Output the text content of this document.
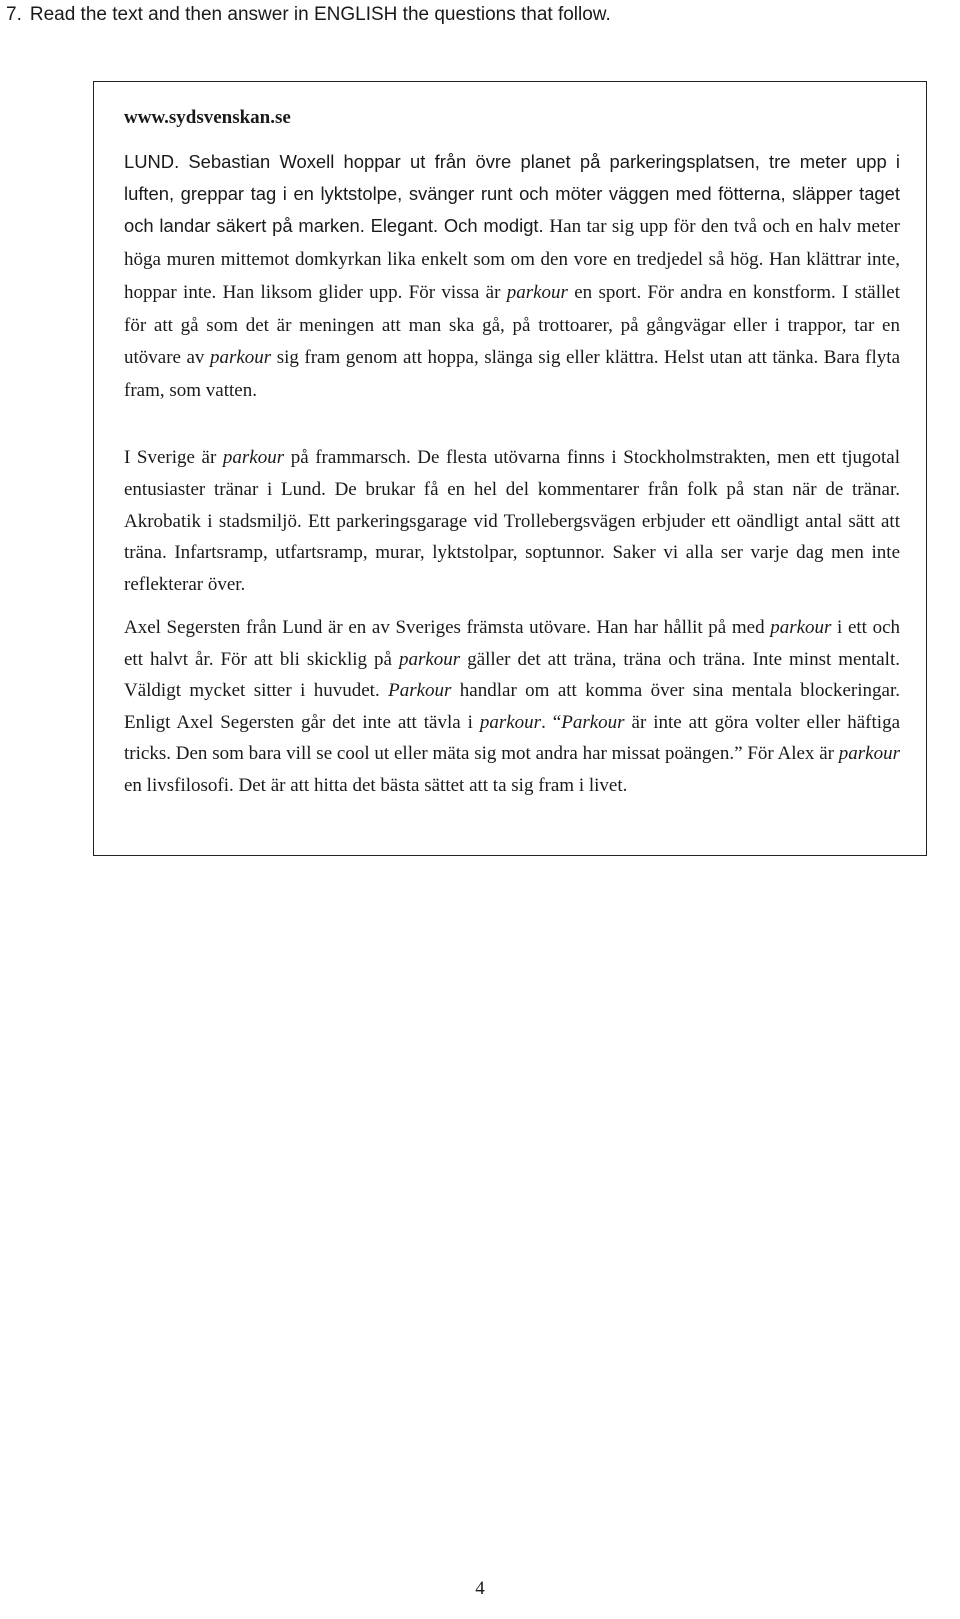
7. Read the text and then answer in ENGLISH the questions that follow.
www.sydsvenskan.se

LUND. Sebastian Woxell hoppar ut från övre planet på parkeringsplatsen, tre meter upp i luften, greppar tag i en lyktstolpe, svänger runt och möter väggen med fötterna, släpper taget och landar säkert på marken. Elegant. Och modigt. Han tar sig upp för den två och en halv meter höga muren mittemot domkyrkan lika enkelt som om den vore en tredjedel så hög. Han klättrar inte, hoppar inte. Han liksom glider upp. För vissa är parkour en sport. För andra en konstform. I stället för att gå som det är meningen att man ska gå, på trottoarer, på gångvägar eller i trappor, tar en utövare av parkour sig fram genom att hoppa, slänga sig eller klättra. Helst utan att tänka. Bara flyta fram, som vatten.

I Sverige är parkour på frammarsch. De flesta utövarna finns i Stockholmstrakten, men ett tjugotal entusiaster tränar i Lund. De brukar få en hel del kommentarer från folk på stan när de tränar. Akrobatik i stadsmiljö. Ett parkeringsgarage vid Trollebergsvägen erbjuder ett oändligt antal sätt att träna. Infartsramp, utfartsramp, murar, lyktstolpar, soptunnor. Saker vi alla ser varje dag men inte reflekterar över.

Axel Segersten från Lund är en av Sveriges främsta utövare. Han har hållit på med parkour i ett och ett halvt år. För att bli skicklig på parkour gäller det att träna, träna och träna. Inte minst mentalt. Väldigt mycket sitter i huvudet. Parkour handlar om att komma över sina mentala blockeringar. Enligt Axel Segersten går det inte att tävla i parkour. “Parkour är inte att göra volter eller häftiga tricks. Den som bara vill se cool ut eller mäta sig mot andra har missat poängen.” För Alex är parkour en livsfilosofi. Det är att hitta det bästa sättet att ta sig fram i livet.

4
